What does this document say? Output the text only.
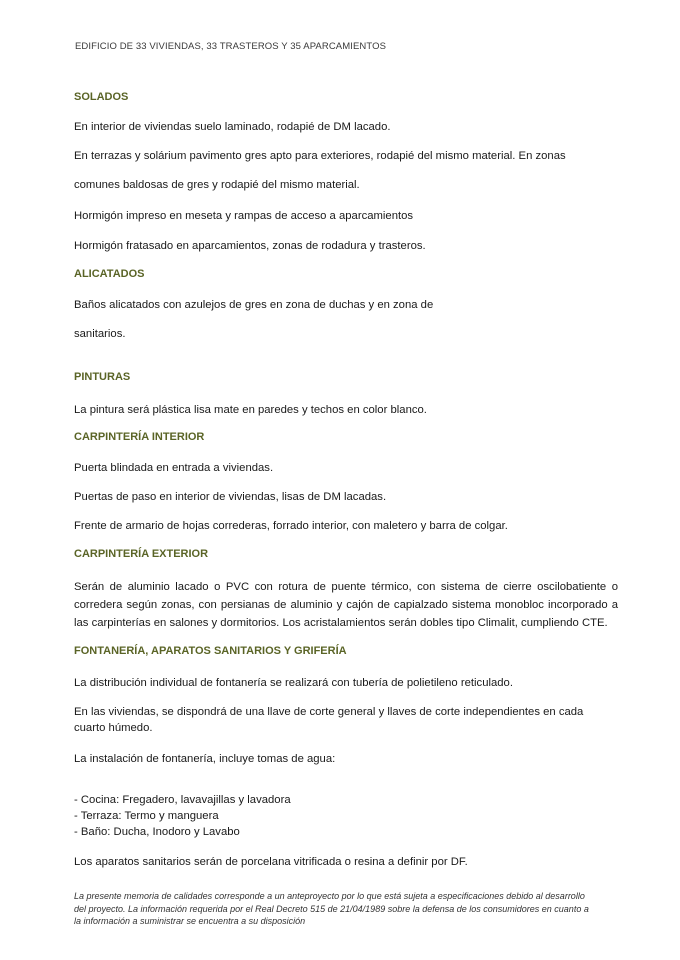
EDIFICIO DE 33 VIVIENDAS, 33 TRASTEROS Y 35 APARCAMIENTOS
SOLADOS
En interior de viviendas suelo laminado, rodapié de DM lacado.
En terrazas y solárium pavimento gres apto para exteriores, rodapié del mismo material. En zonas
comunes baldosas de gres y rodapié del mismo material.
Hormigón impreso en meseta y rampas de acceso a aparcamientos
Hormigón fratasado en aparcamientos, zonas de rodadura y trasteros.
ALICATADOS
Baños alicatados con azulejos de gres en zona de duchas y en zona de
sanitarios.
PINTURAS
La pintura será plástica lisa mate en paredes y techos en color blanco.
CARPINTERÍA INTERIOR
Puerta blindada en entrada a viviendas.
Puertas de paso en interior de viviendas, lisas de DM lacadas.
Frente de armario de hojas correderas, forrado interior, con maletero y barra de colgar.
CARPINTERÍA EXTERIOR
Serán de aluminio lacado o PVC con rotura de puente térmico, con sistema de cierre oscilobatiente o corredera según zonas, con persianas de aluminio y cajón de capialzado sistema monobloc incorporado a las carpinterías en salones y dormitorios. Los acristalamientos serán dobles tipo Climalit, cumpliendo CTE.
FONTANERÍA, APARATOS SANITARIOS Y GRIFERÍA
La distribución individual de fontanería se realizará con tubería de polietileno reticulado.
En las viviendas, se dispondrá de una llave de corte general y llaves de corte independientes en cada
cuarto húmedo.
La instalación de fontanería, incluye tomas de agua:
- Cocina: Fregadero, lavavajillas y lavadora
- Terraza: Termo y manguera
- Baño: Ducha, Inodoro y Lavabo
Los aparatos sanitarios serán de porcelana vitrificada o resina a definir por DF.
La presente memoria de calidades corresponde a un anteproyecto por lo que está sujeta a especificaciones debido al desarrollo
del proyecto. La información requerida por el Real Decreto 515 de 21/04/1989 sobre la defensa de los consumidores en cuanto a
la información a suministrar se encuentra a su disposición
